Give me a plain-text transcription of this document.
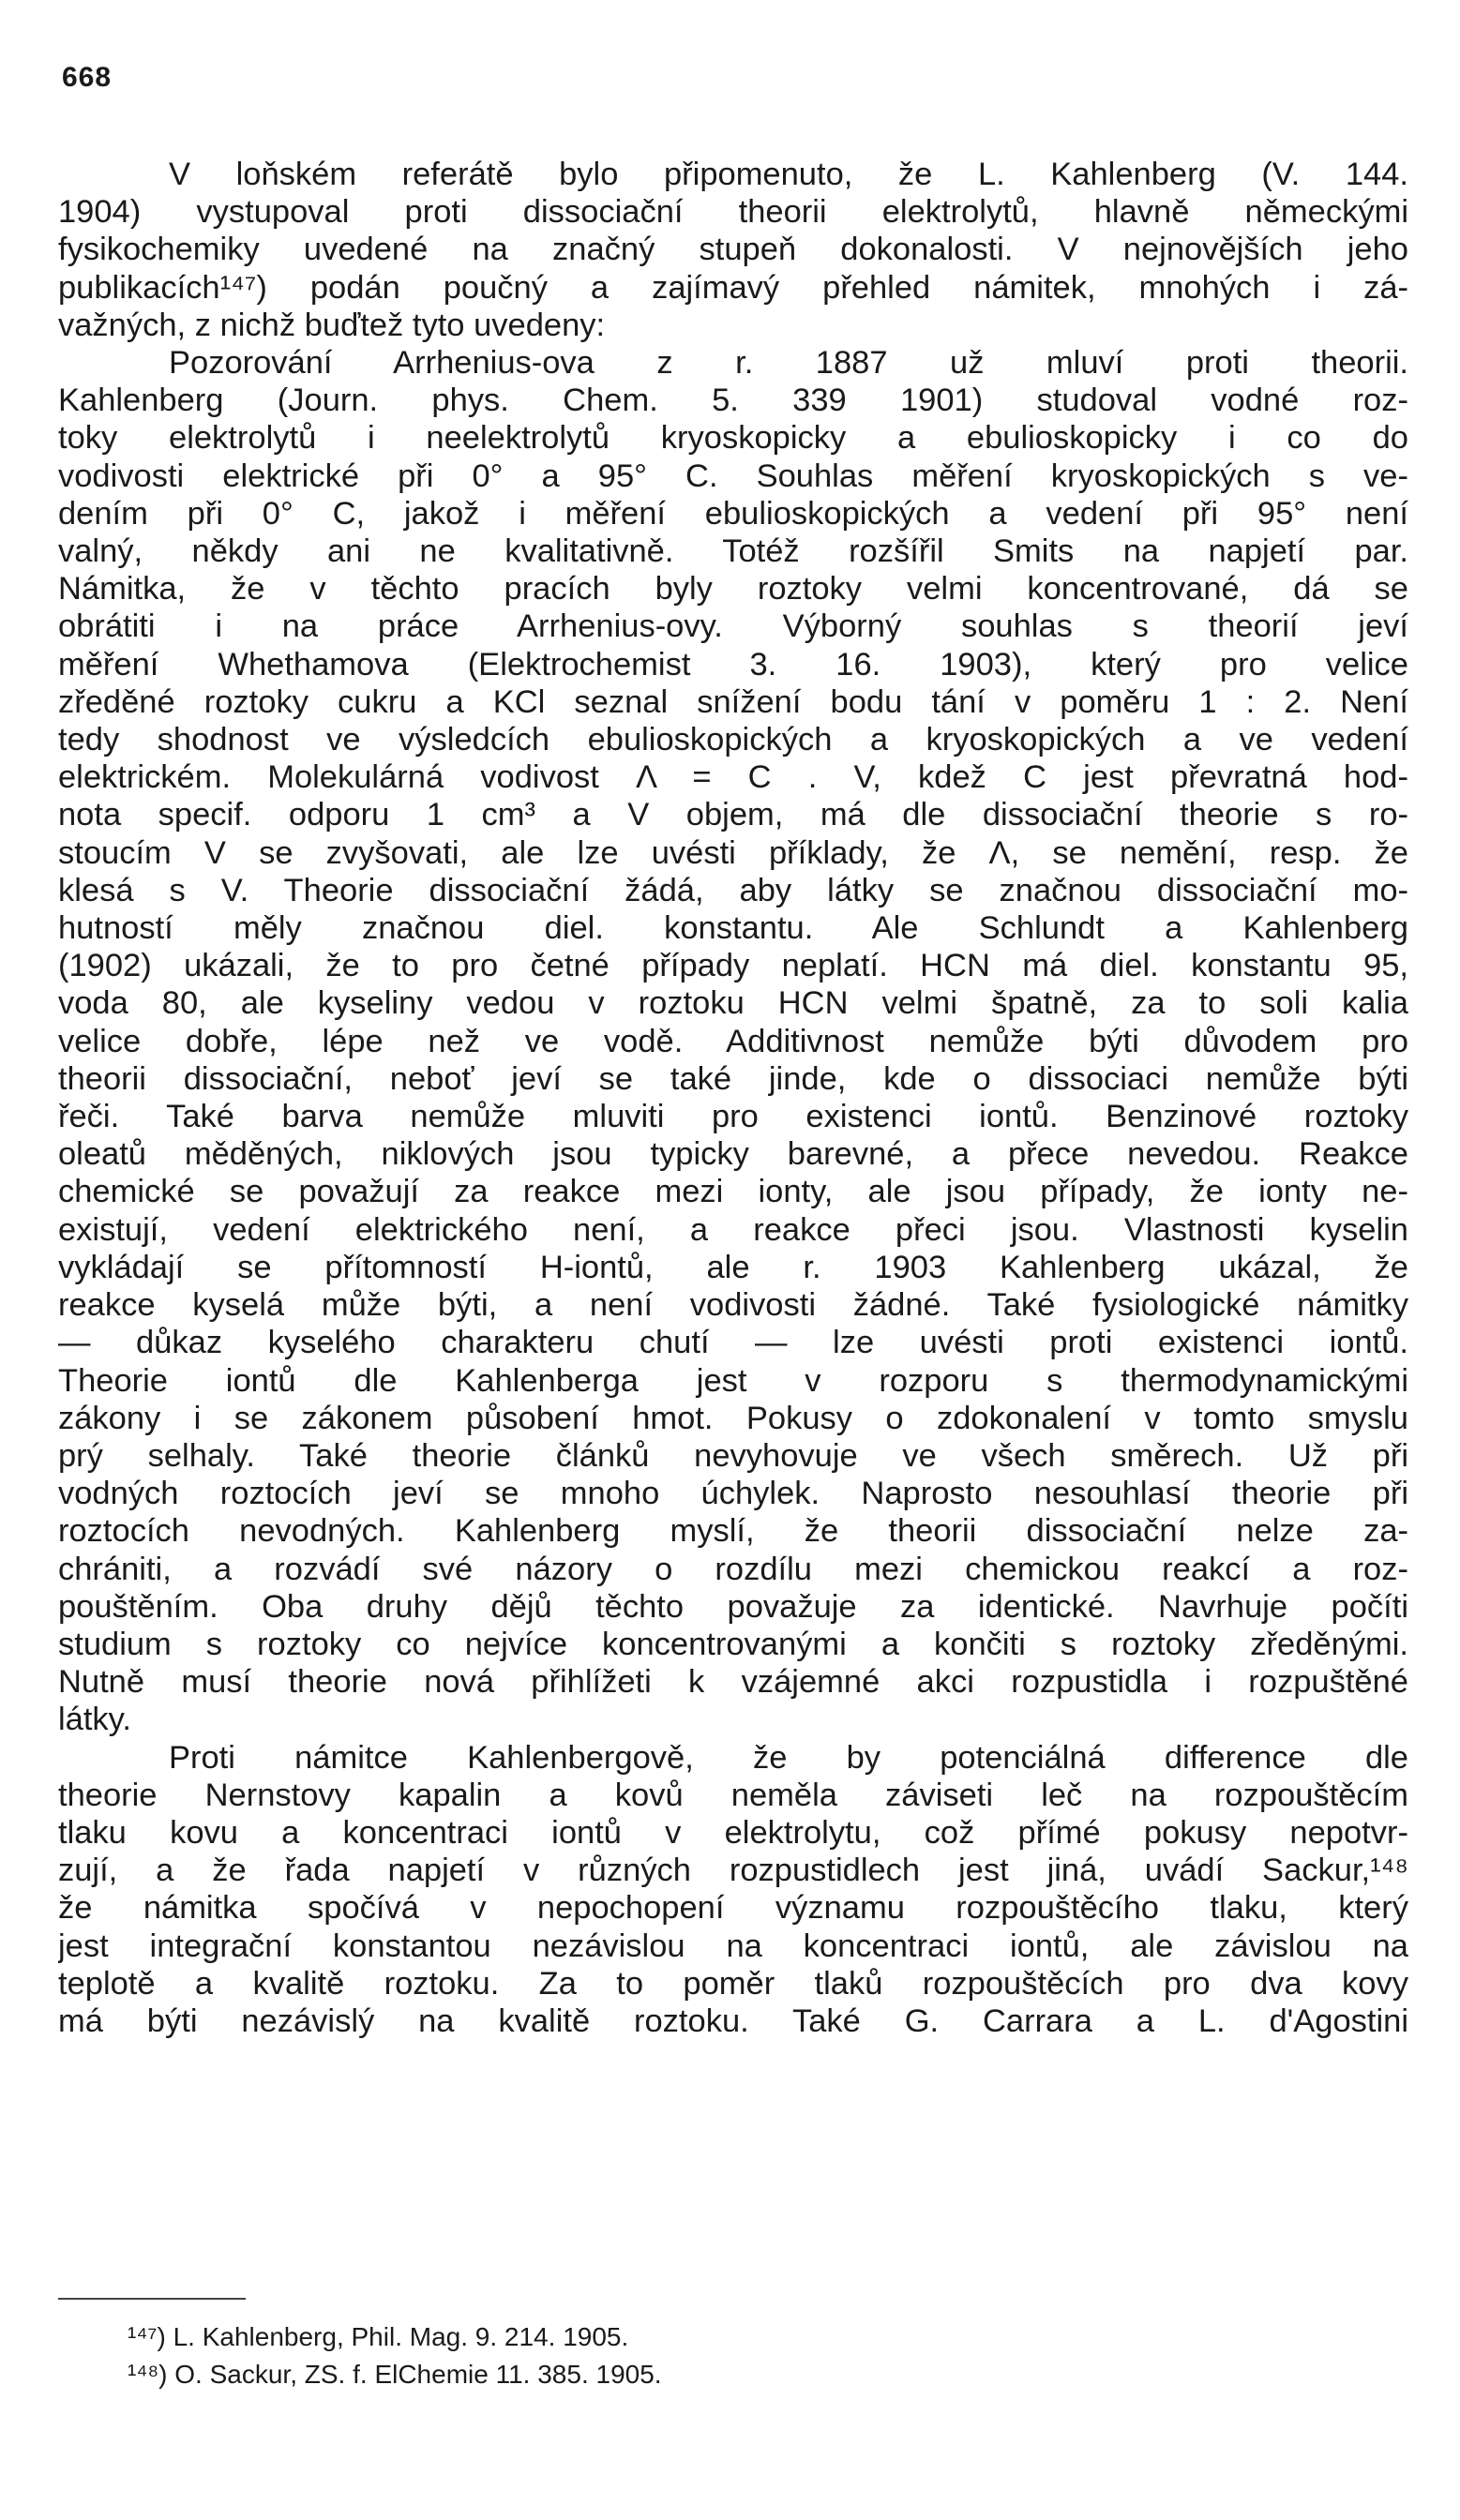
668
V loňském referátě bylo připomenuto, že L. Kahlenberg (V. 144.
1904) vystupoval proti dissociační theorii elektrolytů, hlavně německými
fysikochemiky uvedené na značný stupeň dokonalosti. V nejnovějších jeho
publikacích¹⁴⁷) podán poučný a zajímavý přehled námitek, mnohých i zá-
važných, z nichž buďtež tyto uvedeny:
Pozorování Arrhenius-ova z r. 1887 už mluví proti theorii.
Kahlenberg (Journ. phys. Chem. 5. 339 1901) studoval vodné roz-
toky elektrolytů i neelektrolytů kryoskopicky a ebulioskopicky i co do
vodivosti elektrické při 0° a 95° C. Souhlas měření kryoskopických s ve-
dením při 0° C, jakož i měření ebulioskopických a vedení při 95° není
valný, někdy ani ne kvalitativně. Totéž rozšířil Smits na napjetí par.
Námitka, že v těchto pracích byly roztoky velmi koncentrované, dá se
obrátiti i na práce Arrhenius-ovy. Výborný souhlas s theorií jeví
měření Whethamova (Elektrochemist 3. 16. 1903), který pro velice
zředěné roztoky cukru a KCl seznal snížení bodu tání v poměru 1 : 2. Není
tedy shodnost ve výsledcích ebulioskopických a kryoskopických a ve vedení
elektrickém. Molekulárná vodivost Λ = C . V, kdež C jest převratná hod-
nota specif. odporu 1 cm³ a V objem, má dle dissociační theorie s ro-
stoucím V se zvyšovati, ale lze uvésti příklady, že Λ, se nemění, resp. že
klesá s V. Theorie dissociační žádá, aby látky se značnou dissociační mo-
hutností měly značnou diel. konstantu. Ale Schlundt a Kahlenberg
(1902) ukázali, že to pro četné případy neplatí. HCN má diel. konstantu 95,
voda 80, ale kyseliny vedou v roztoku HCN velmi špatně, za to soli kalia
velice dobře, lépe než ve vodě. Additivnost nemůže býti důvodem pro
theorii dissociační, neboť jeví se také jinde, kde o dissociaci nemůže býti
řeči. Také barva nemůže mluviti pro existenci iontů. Benzinové roztoky
oleatů měděných, niklových jsou typicky barevné, a přece nevedou. Reakce
chemické se považují za reakce mezi ionty, ale jsou případy, že ionty ne-
existují, vedení elektrického není, a reakce přeci jsou. Vlastnosti kyselin
vykládají se přítomností H-iontů, ale r. 1903 Kahlenberg ukázal, že
reakce kyselá může býti, a není vodivosti žádné. Také fysiologické námitky
— důkaz kyselého charakteru chutí — lze uvésti proti existenci iontů.
Theorie iontů dle Kahlenberga jest v rozporu s thermodynamickými
zákony i se zákonem působení hmot. Pokusy o zdokonalení v tomto smyslu
prý selhaly. Také theorie článků nevyhovuje ve všech směrech. Už při
vodných roztocích jeví se mnoho úchylek. Naprosto nesouhlasí theorie při
roztocích nevodných. Kahlenberg myslí, že theorii dissociační nelze za-
chrániti, a rozvádí své názory o rozdílu mezi chemickou reakcí a roz-
pouštěním. Oba druhy dějů těchto považuje za identické. Navrhuje počíti
studium s roztoky co nejvíce koncentrovanými a končiti s roztoky zředěnými.
Nutně musí theorie nová přihlížeti k vzájemné akci rozpustidla i rozpuštěné
látky.
Proti námitce Kahlenbergově, že by potenciálná difference dle
theorie Nernstovy kapalin a kovů neměla záviseti leč na rozpouštěcím
tlaku kovu a koncentraci iontů v elektrolytu, což přímé pokusy nepotvr-
zují, a že řada napjetí v různých rozpustidlech jest jiná, uvádí Sackur,¹⁴⁸
že námitka spočívá v nepochopení významu rozpouštěcího tlaku, který
jest integrační konstantou nezávislou na koncentraci iontů, ale závislou na
teplotě a kvalitě roztoku. Za to poměr tlaků rozpouštěcích pro dva kovy
má býti nezávislý na kvalitě roztoku. Také G. Carrara a L. d'Agostini
¹⁴⁷) L. Kahlenberg, Phil. Mag. 9. 214. 1905.
¹⁴⁸) O. Sackur, ZS. f. ElChemie 11. 385. 1905.
